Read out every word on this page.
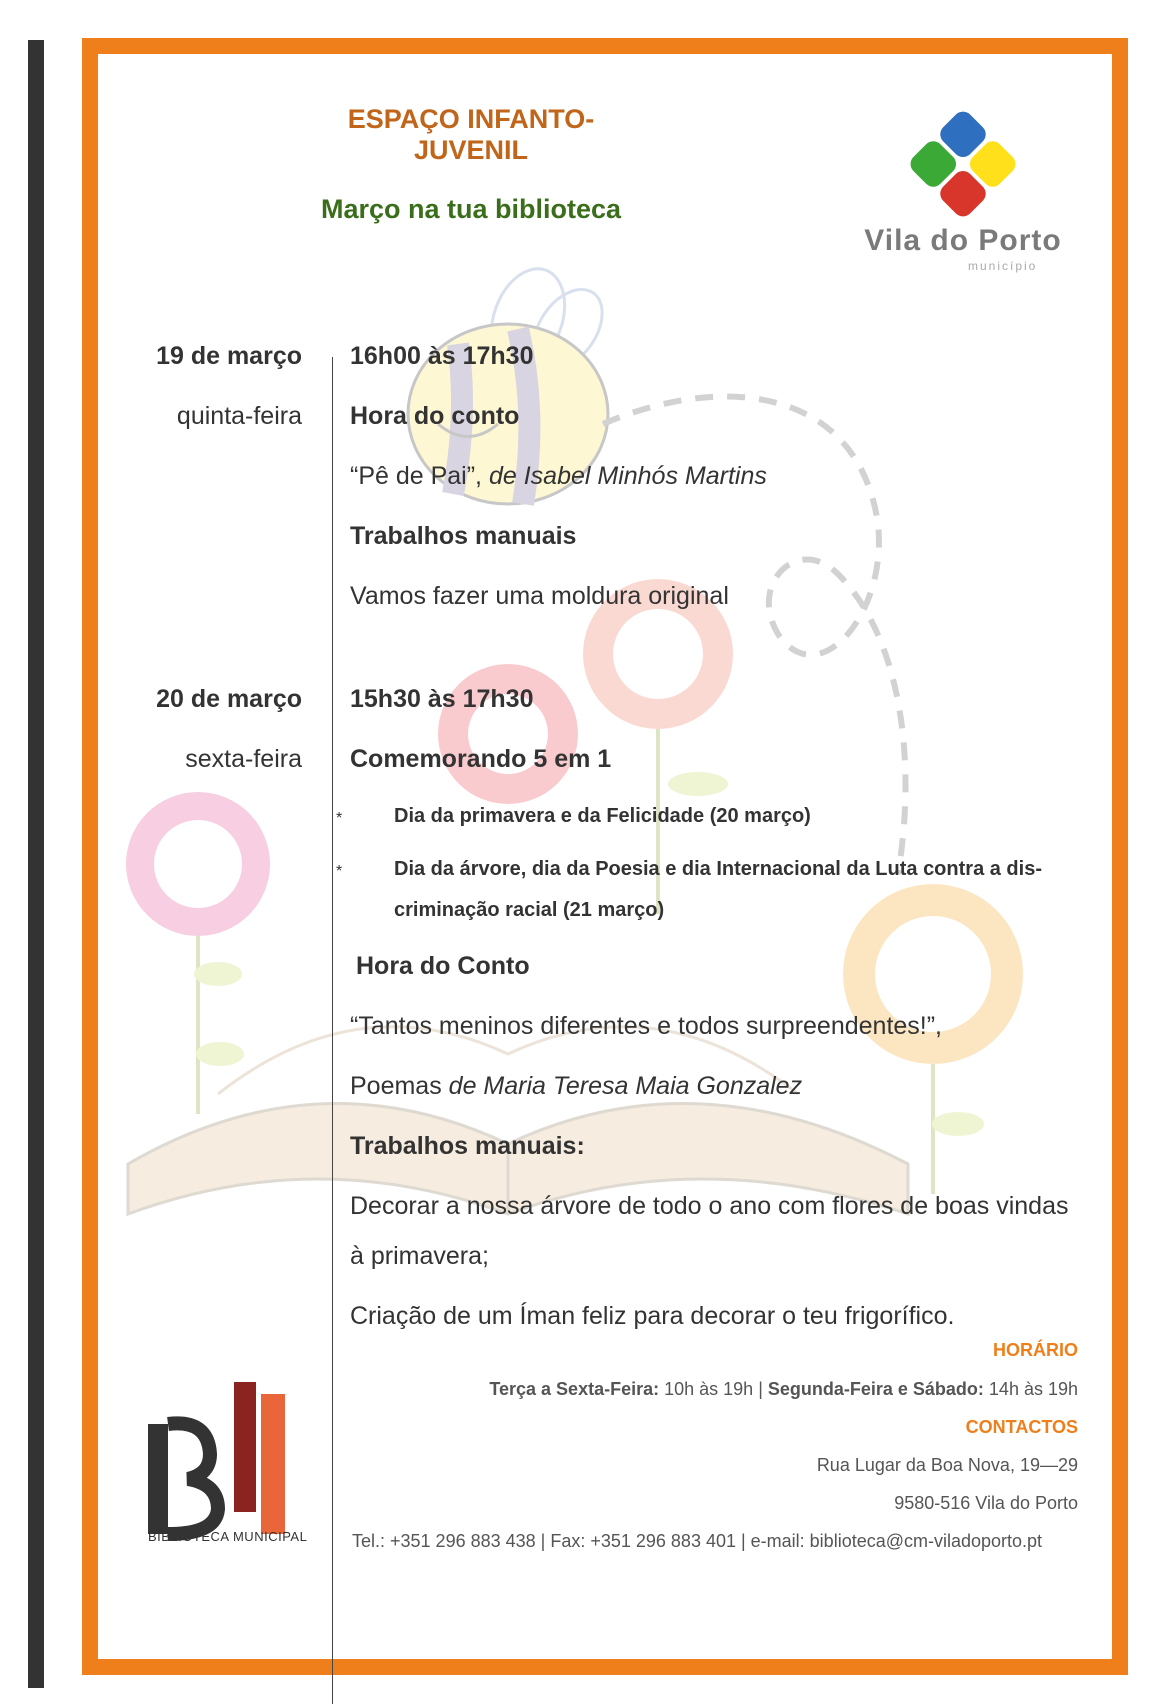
ESPAÇO INFANTO-JUVENIL
Março na tua biblioteca
Vila do Porto
município
19 de março
quinta-feira
16h00 às 17h30
Hora do conto
“Pê de Pai”, de Isabel Minhós Martins
Trabalhos manuais
Vamos fazer uma moldura original
20 de março
sexta-feira
15h30 às 17h30
Comemorando 5 em 1
*	Dia da primavera e da Felicidade (20 março)
*	Dia da árvore, dia da Poesia e dia Internacional da Luta contra a dis-criminação racial (21 março)
Hora do Conto
“Tantos meninos diferentes e todos surpreendentes!”,
Poemas de Maria Teresa Maia Gonzalez
Trabalhos manuais:
Decorar a nossa árvore de todo o ano com flores de boas vindas
à primavera;
Criação de um Íman feliz para decorar o teu frigorífico.
HORÁRIO
Terça a Sexta-Feira: 10h às 19h | Segunda-Feira e Sábado: 14h às 19h
CONTACTOS
Rua Lugar da Boa Nova, 19—29
9580-516 Vila do Porto
Tel.: +351 296 883 438 | Fax: +351 296 883 401 | e-mail: biblioteca@cm-viladoporto.pt
BIBLIOTECA MUNICIPAL
